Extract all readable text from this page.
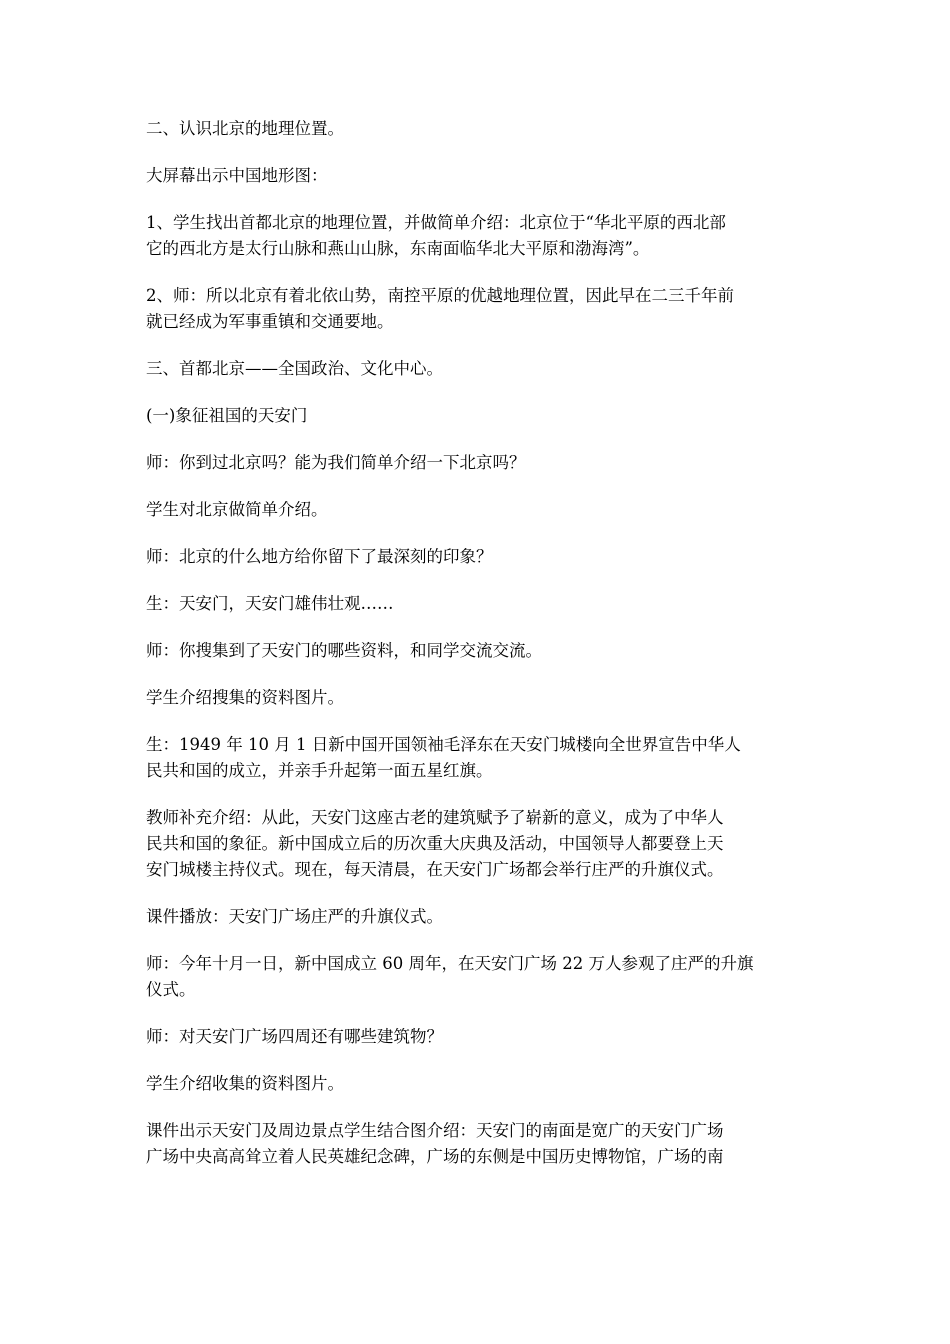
二、认识北京的地理位置。

大屏幕出示中国地形图：

1、学生找出首都北京的地理位置，并做简单介绍：北京位于“华北平原的西北部
它的西北方是太行山脉和燕山山脉，东南面临华北大平原和渤海湾”。

2、师：所以北京有着北依山势，南控平原的优越地理位置，因此早在二三千年前
就已经成为军事重镇和交通要地。

三、首都北京——全国政治、文化中心。

(一)象征祖国的天安门

师：你到过北京吗？能为我们简单介绍一下北京吗？

学生对北京做简单介绍。

师：北京的什么地方给你留下了最深刻的印象？

生：天安门，天安门雄伟壮观……

师：你搜集到了天安门的哪些资料，和同学交流交流。

学生介绍搜集的资料图片。

生：1949 年 10 月 1 日新中国开国领袖毛泽东在天安门城楼向全世界宣告中华人
民共和国的成立，并亲手升起第一面五星红旗。

教师补充介绍：从此，天安门这座古老的建筑赋予了崭新的意义，成为了中华人
民共和国的象征。新中国成立后的历次重大庆典及活动，中国领导人都要登上天
安门城楼主持仪式。现在，每天清晨，在天安门广场都会举行庄严的升旗仪式。

课件播放：天安门广场庄严的升旗仪式。

师：今年十月一日，新中国成立 60 周年，在天安门广场 22 万人参观了庄严的升旗
仪式。

师：对天安门广场四周还有哪些建筑物？

学生介绍收集的资料图片。

课件出示天安门及周边景点学生结合图介绍：天安门的南面是宽广的天安门广场
广场中央高高耸立着人民英雄纪念碑，广场的东侧是中国历史博物馆，广场的南
